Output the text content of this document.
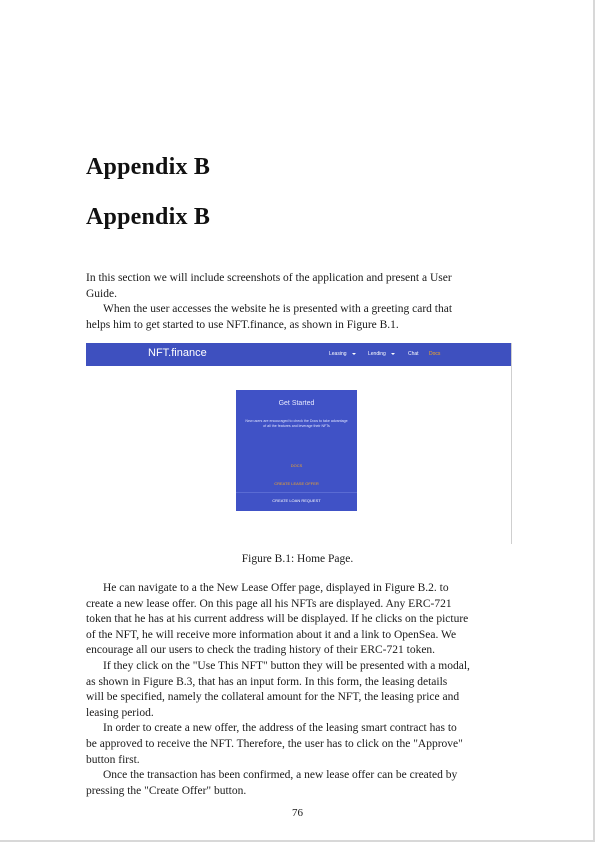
Appendix B
Appendix B
In this section we will include screenshots of the application and present a User
Guide.
When the user accesses the website he is presented with a greeting card that
helps him to get started to use NFT.finance, as shown in Figure B.1.
NFT.finance	Leasing	Lending	Chat Docs
Get Started
New users are encouraged to check the Docs to take advantage of all the features and leverage their NFTs
DOCS
CREATE LEASE OFFER
CREATE LOAN REQUEST
Figure B.1: Home Page.
He can navigate to a the New Lease Offer page, displayed in Figure B.2. to
create a new lease offer. On this page all his NFTs are displayed. Any ERC-721
token that he has at his current address will be displayed. If he clicks on the picture
of the NFT, he will receive more information about it and a link to OpenSea. We
encourage all our users to check the trading history of their ERC-721 token.
If they click on the "Use This NFT" button they will be presented with a modal,
as shown in Figure B.3, that has an input form. In this form, the leasing details
will be specified, namely the collateral amount for the NFT, the leasing price and
leasing period.
In order to create a new offer, the address of the leasing smart contract has to
be approved to receive the NFT. Therefore, the user has to click on the "Approve"
button first.
Once the transaction has been confirmed, a new lease offer can be created by
pressing the "Create Offer" button.
76
